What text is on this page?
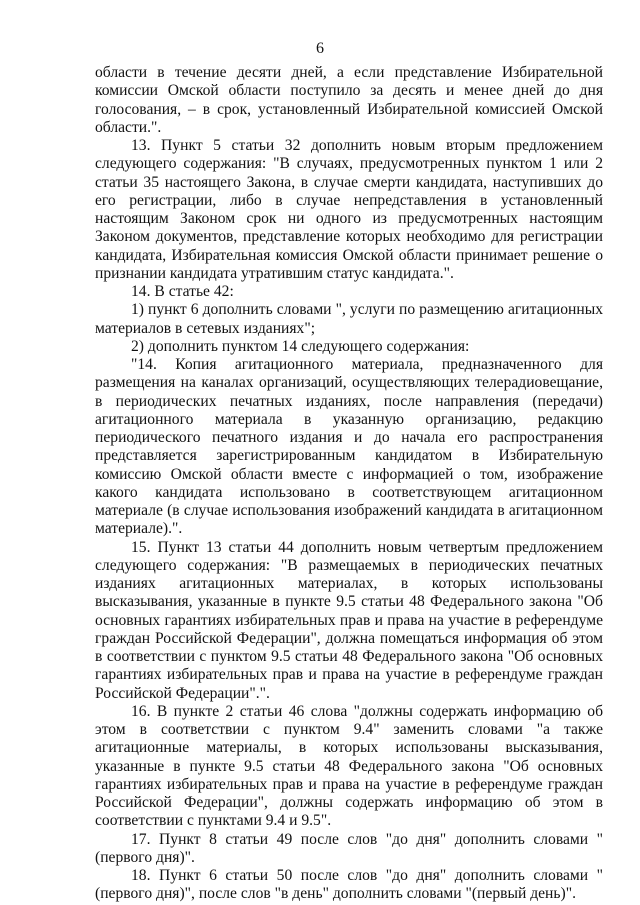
6

области в течение десяти дней, а если представление Избирательной комиссии Омской области поступило за десять и менее дней до дня голосования, – в срок, установленный Избирательной комиссией Омской области.".

13. Пункт 5 статьи 32 дополнить новым вторым предложением следующего содержания: "В случаях, предусмотренных пунктом 1 или 2 статьи 35 настоящего Закона, в случае смерти кандидата, наступивших до его регистрации, либо в случае непредставления в установленный настоящим Законом срок ни одного из предусмотренных настоящим Законом документов, представление которых необходимо для регистрации кандидата, Избирательная комиссия Омской области принимает решение о признании кандидата утратившим статус кандидата.".

14. В статье 42:

1) пункт 6 дополнить словами ", услуги по размещению агитационных материалов в сетевых изданиях";

2) дополнить пунктом 14 следующего содержания:

"14. Копия агитационного материала, предназначенного для размещения на каналах организаций, осуществляющих телерадиовещание, в периодических печатных изданиях, после направления (передачи) агитационного материала в указанную организацию, редакцию периодического печатного издания и до начала его распространения представляется зарегистрированным кандидатом в Избирательную комиссию Омской области вместе с информацией о том, изображение какого кандидата использовано в соответствующем агитационном материале (в случае использования изображений кандидата в агитационном материале).".

15. Пункт 13 статьи 44 дополнить новым четвертым предложением следующего содержания: "В размещаемых в периодических печатных изданиях агитационных материалах, в которых использованы высказывания, указанные в пункте 9.5 статьи 48 Федерального закона "Об основных гарантиях избирательных прав и права на участие в референдуме граждан Российской Федерации", должна помещаться информация об этом в соответствии с пунктом 9.5 статьи 48 Федерального закона "Об основных гарантиях избирательных прав и права на участие в референдуме граждан Российской Федерации".".

16. В пункте 2 статьи 46 слова "должны содержать информацию об этом в соответствии с пунктом 9.4" заменить словами "а также агитационные материалы, в которых использованы высказывания, указанные в пункте 9.5 статьи 48 Федерального закона "Об основных гарантиях избирательных прав и права на участие в референдуме граждан Российской Федерации", должны содержать информацию об этом в соответствии с пунктами 9.4 и 9.5".

17. Пункт 8 статьи 49 после слов "до дня" дополнить словами "(первого дня)".

18. Пункт 6 статьи 50 после слов "до дня" дополнить словами "(первого дня)", после слов "в день" дополнить словами "(первый день)".
